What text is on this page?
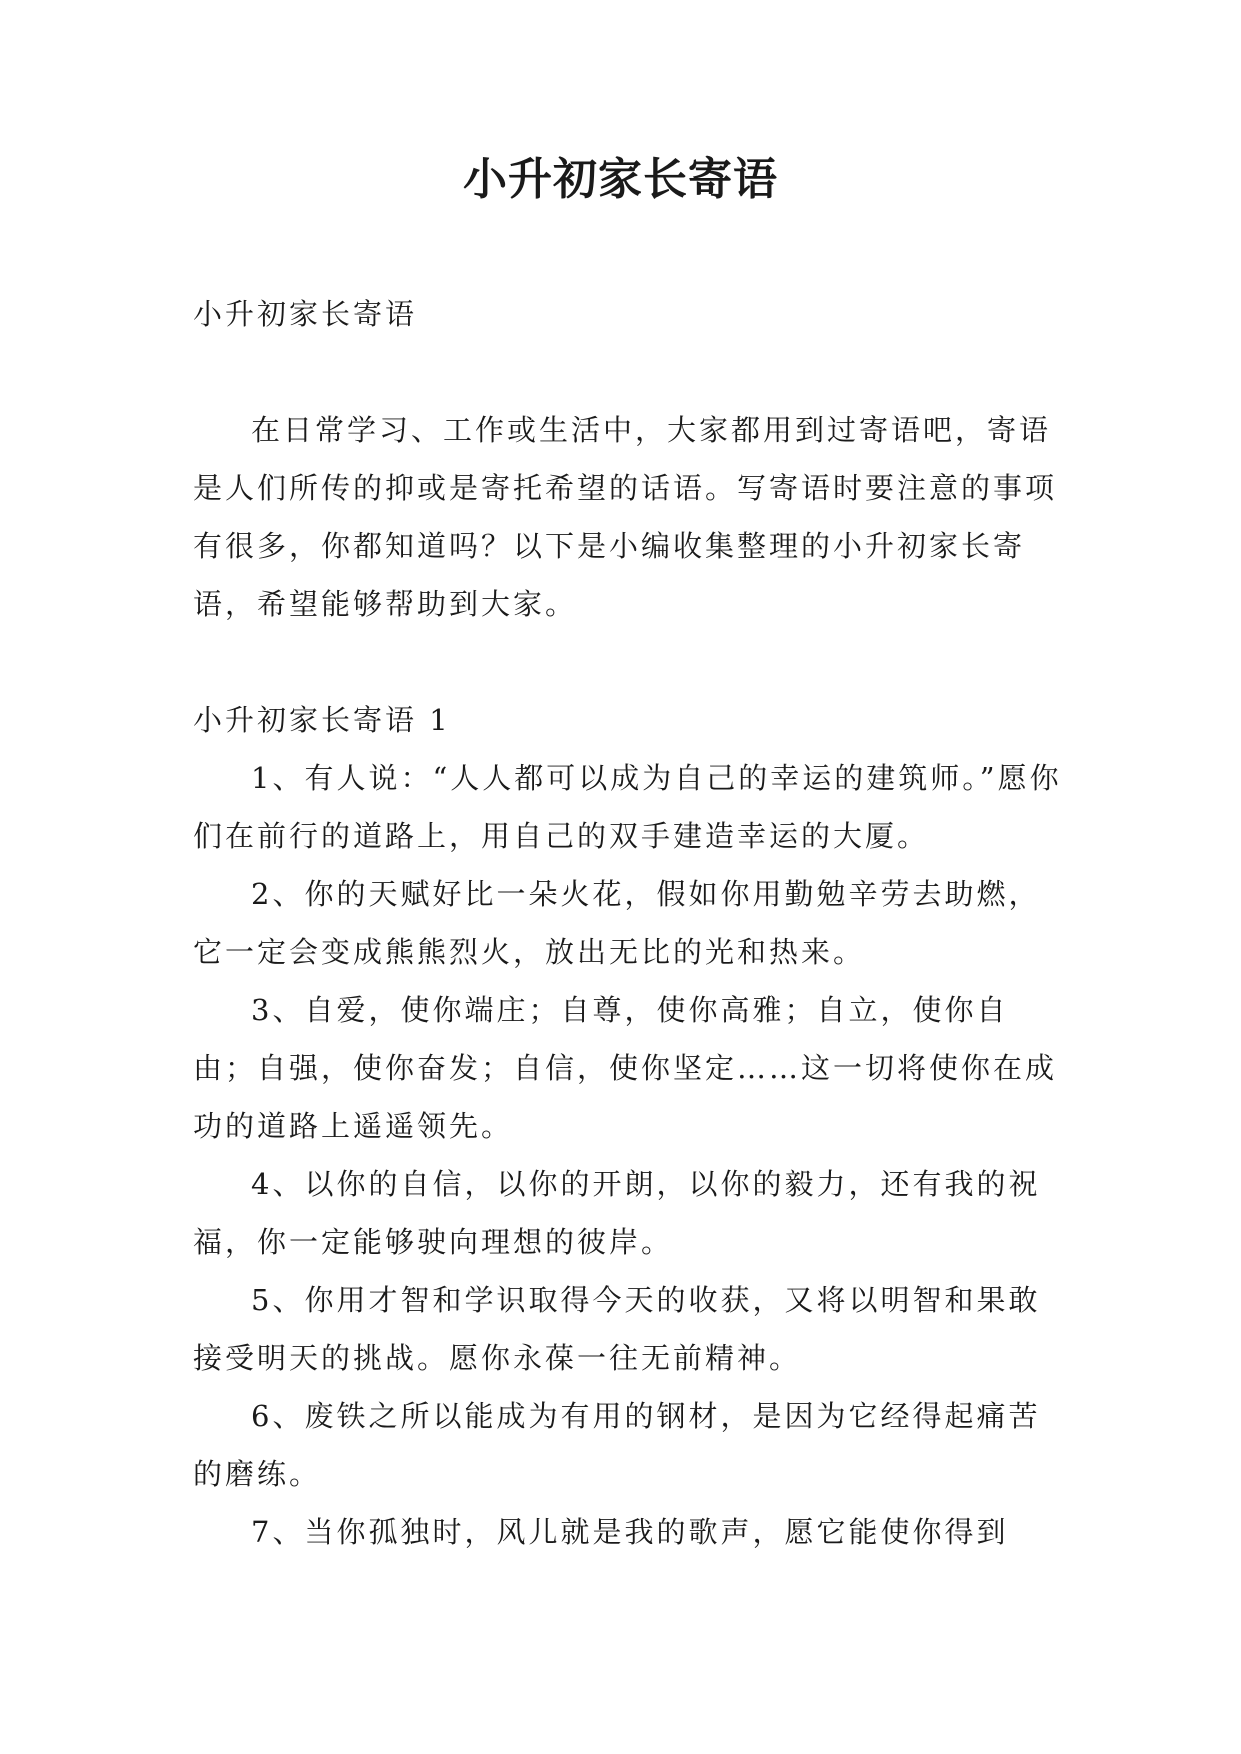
小升初家长寄语

小升初家长寄语

在日常学习、工作或生活中，大家都用到过寄语吧，寄语是人们所传的抑或是寄托希望的话语。写寄语时要注意的事项有很多，你都知道吗？以下是小编收集整理的小升初家长寄语，希望能够帮助到大家。

小升初家长寄语 1

1、有人说：“人人都可以成为自己的幸运的建筑师。”愿你们在前行的道路上，用自己的双手建造幸运的大厦。

2、你的天赋好比一朵火花，假如你用勤勉辛劳去助燃，它一定会变成熊熊烈火，放出无比的光和热来。

3、自爱，使你端庄；自尊，使你高雅；自立，使你自由；自强，使你奋发；自信，使你坚定……这一切将使你在成功的道路上遥遥领先。

4、以你的自信，以你的开朗，以你的毅力，还有我的祝福，你一定能够驶向理想的彼岸。

5、你用才智和学识取得今天的收获，又将以明智和果敢接受明天的挑战。愿你永葆一往无前精神。

6、废铁之所以能成为有用的钢材，是因为它经得起痛苦的磨练。

7、当你孤独时，风儿就是我的歌声，愿它能使你得到
